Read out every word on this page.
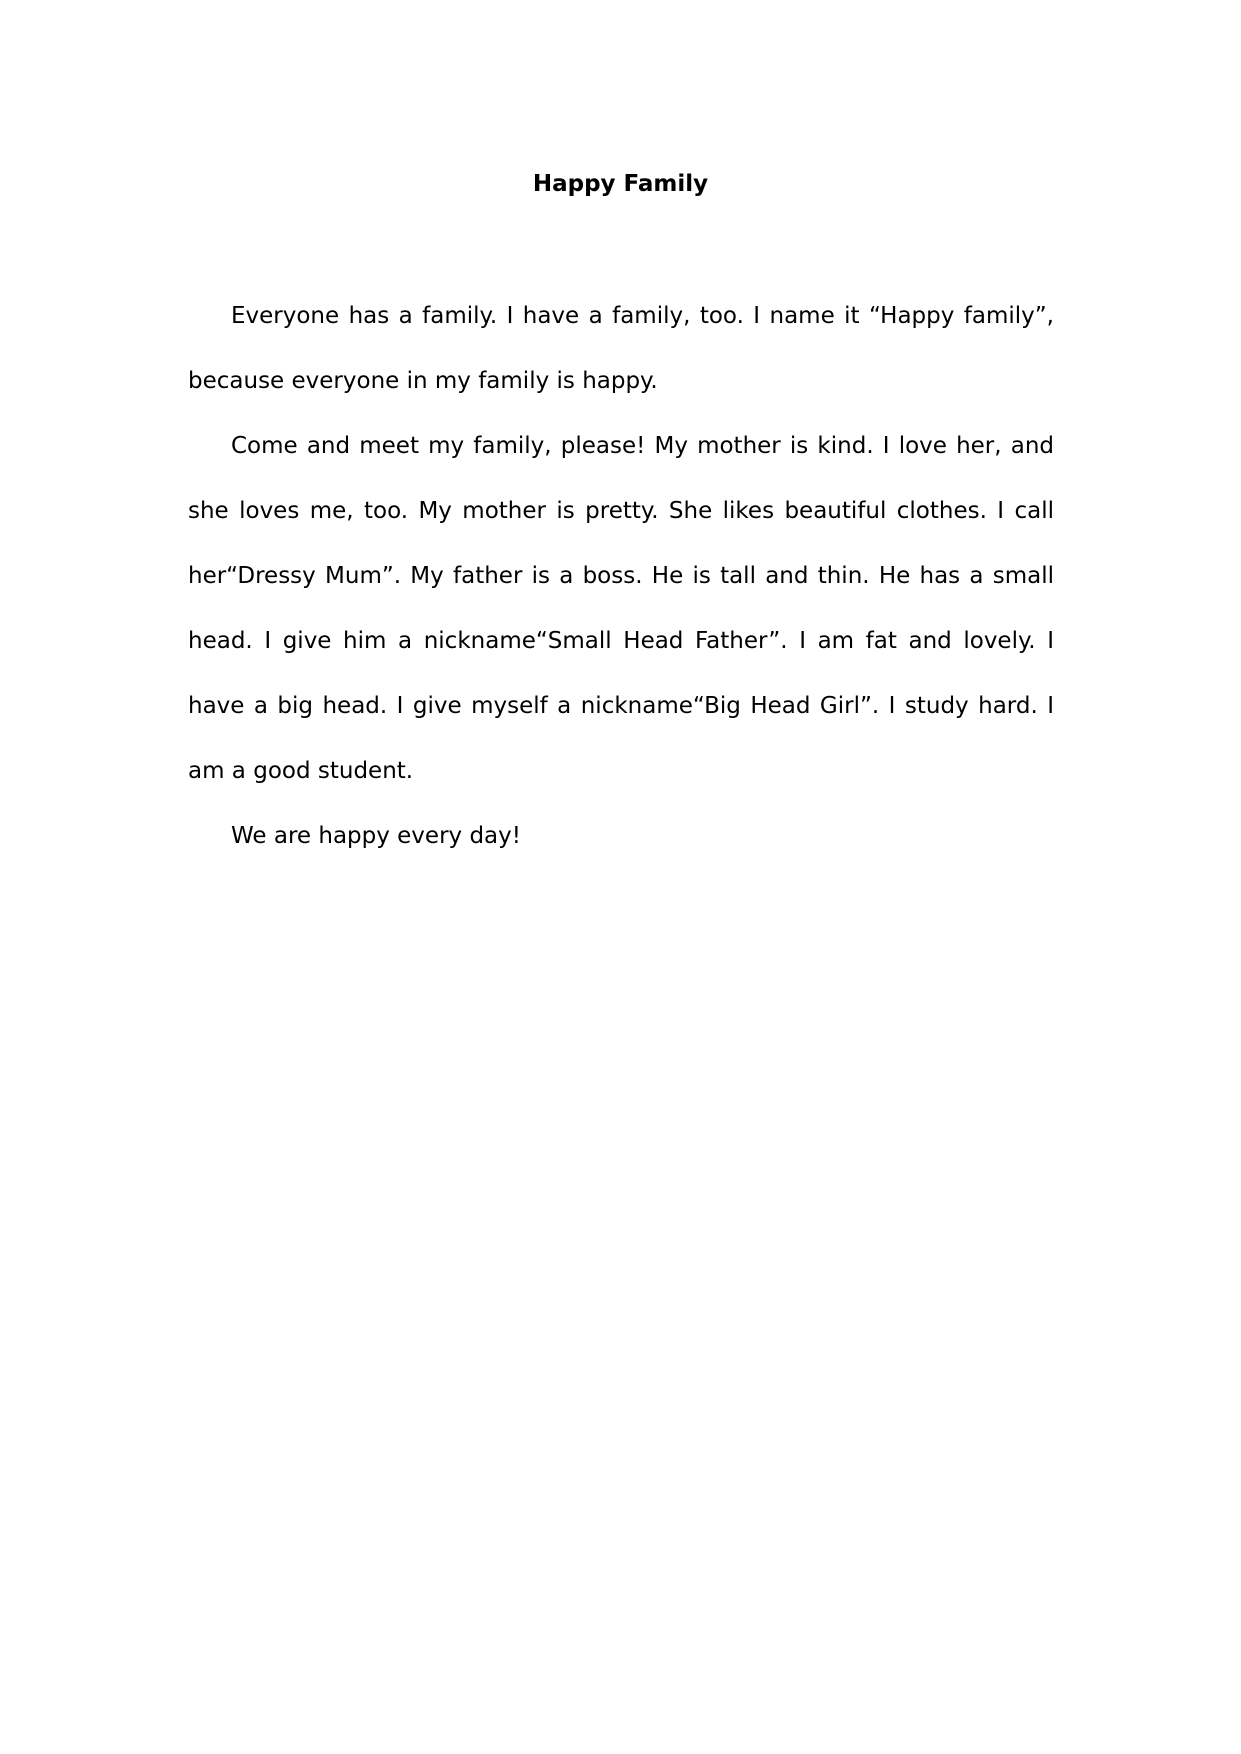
Happy Family

Everyone has a family. I have a family, too. I name it “Happy family”, because everyone in my family is happy.

Come and meet my family, please! My mother is kind. I love her, and she loves me, too. My mother is pretty. She likes beautiful clothes. I call her“Dressy Mum”. My father is a boss. He is tall and thin. He has a small head. I give him a nickname“Small Head Father”. I am fat and lovely. I have a big head. I give myself a nickname“Big Head Girl”. I study hard. I am a good student.

We are happy every day!
